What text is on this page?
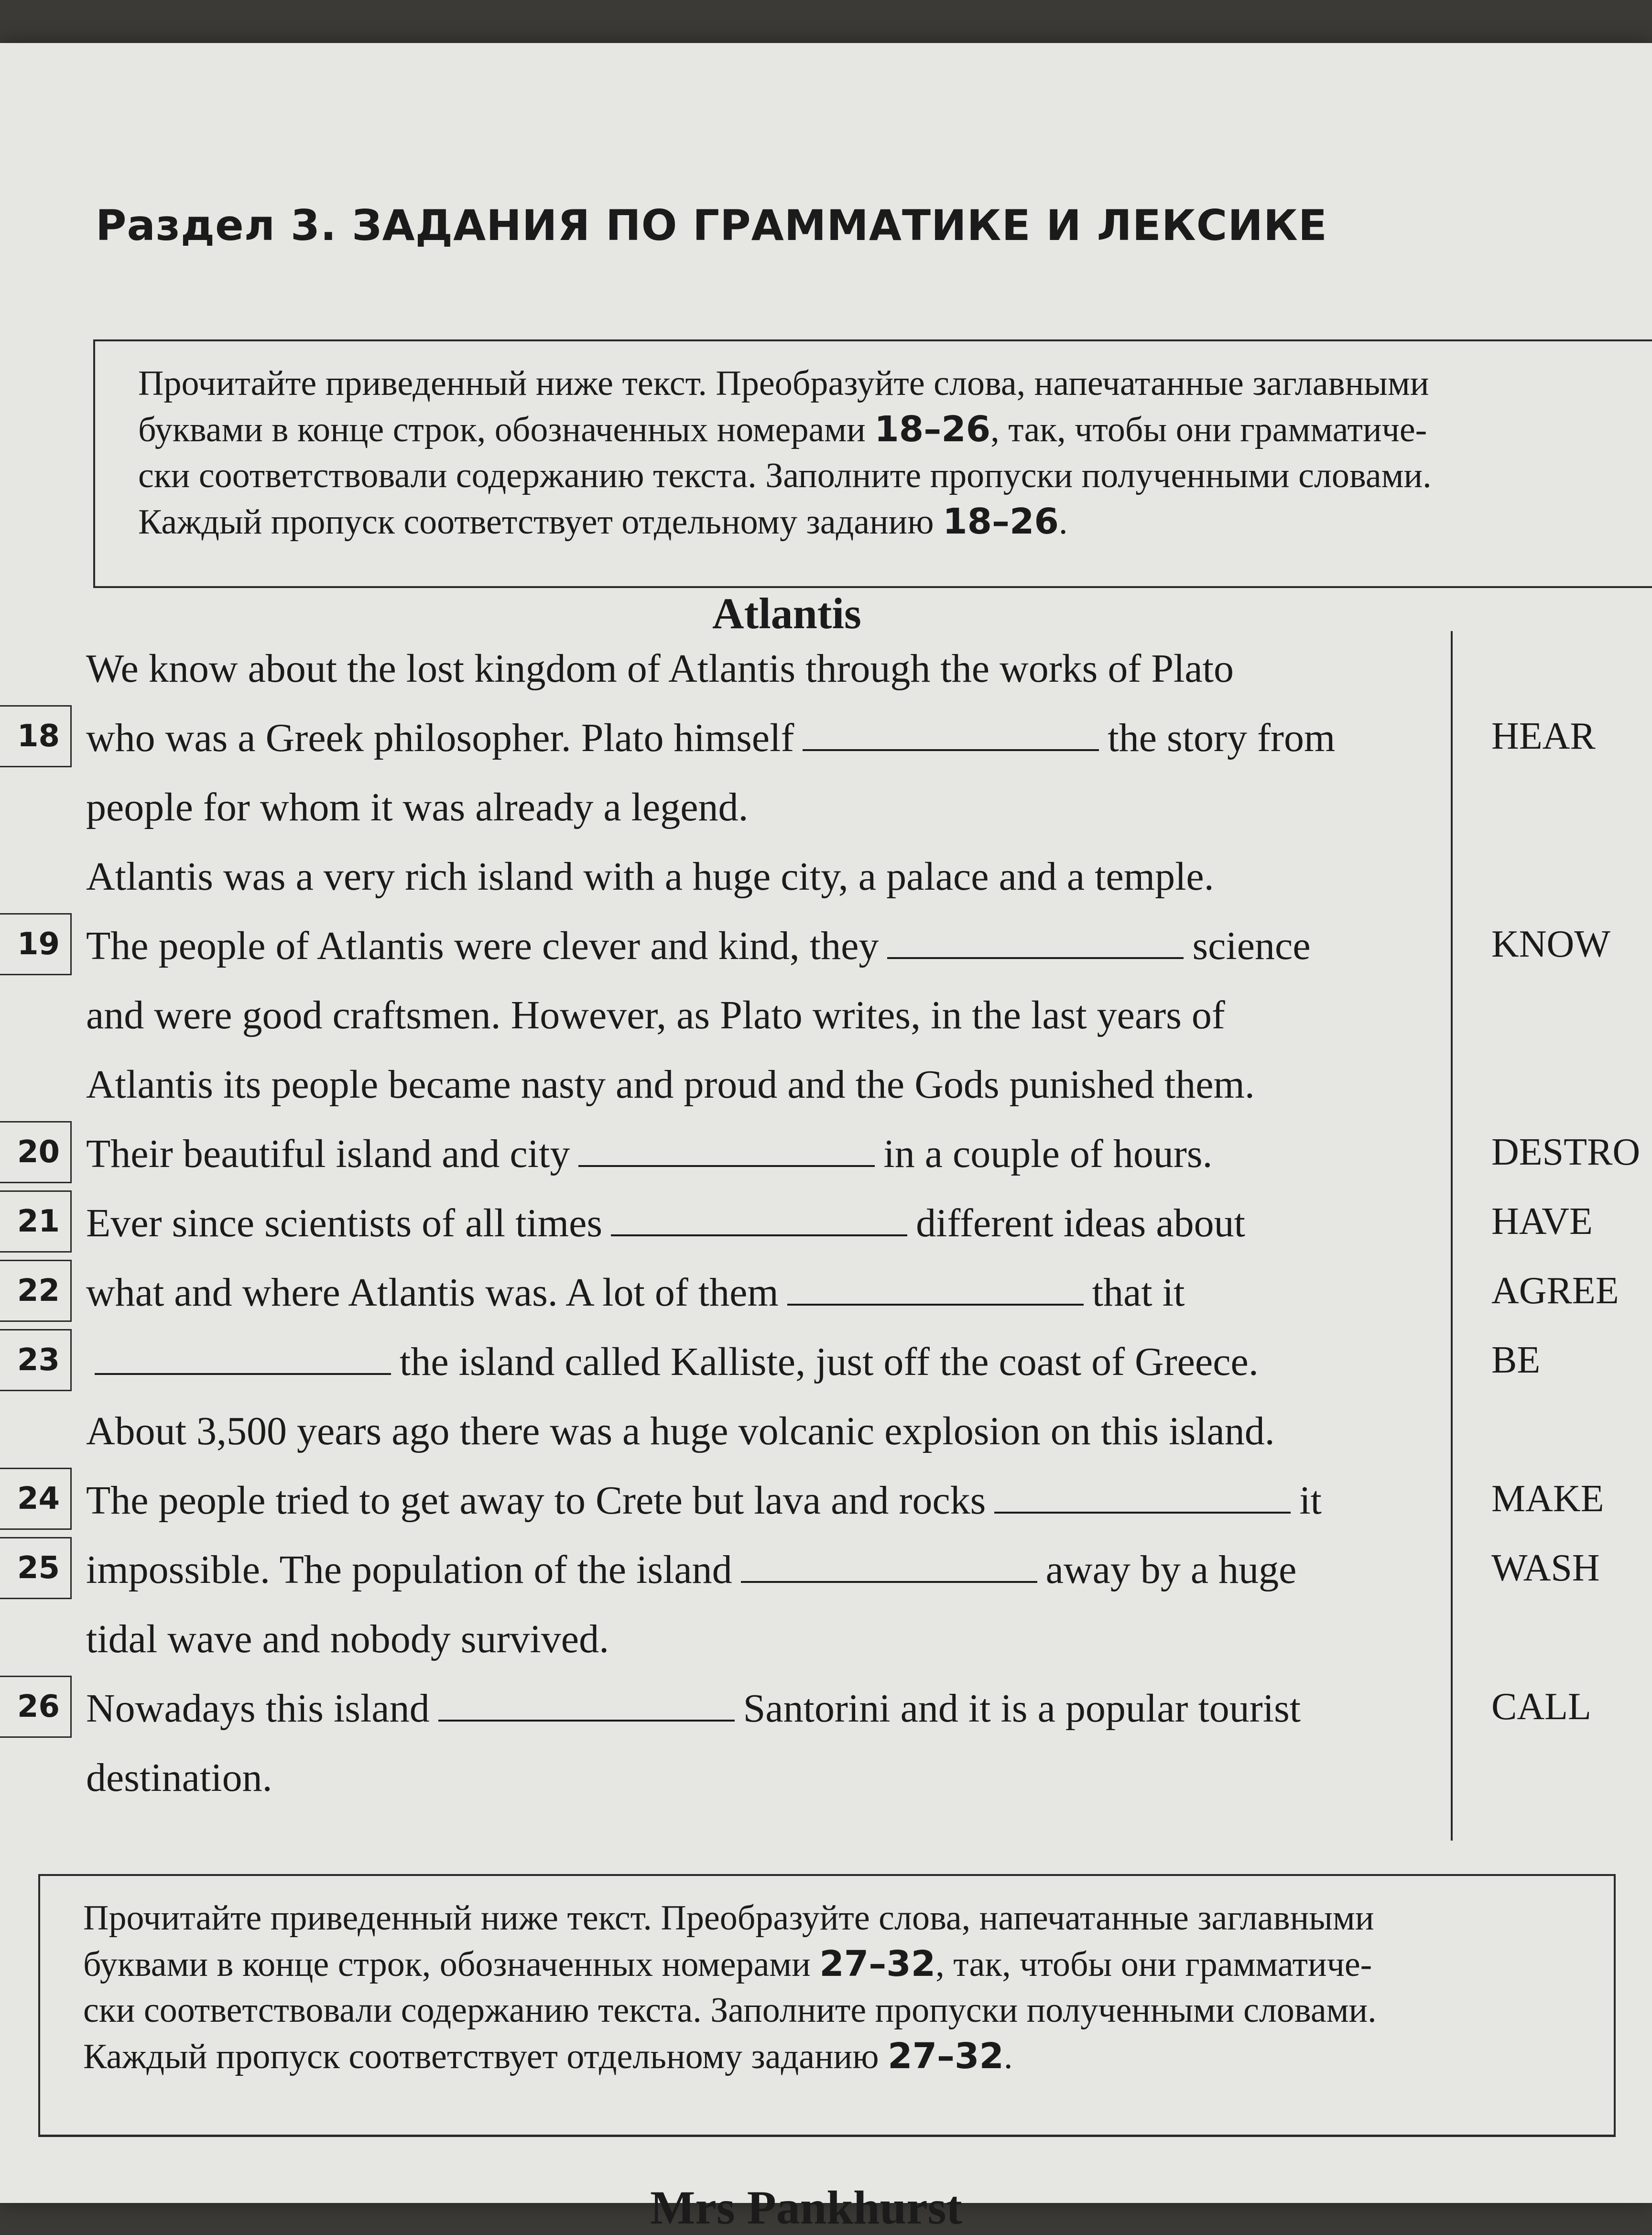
Раздел 3. ЗАДАНИЯ ПО ГРАММАТИКЕ И ЛЕКСИКЕ

Прочитайте приведенный ниже текст. Преобразуйте слова, напечатанные заглавными

буквами в конце строк, обозначенных номерами 18–26, так, чтобы они грамматиче-

ски соответствовали содержанию текста. Заполните пропуски полученными словами.

Каждый пропуск соответствует отдельному заданию 18–26.

Atlantis
We know about the lost kingdom of Atlantis through the works of Plato
18 who was a Greek philosopher. Plato himself	the story from	HEAR
people for whom it was already a legend.
Atlantis was a very rich island with a huge city, a palace and a temple.
19 The people of Atlantis were clever and kind, they	science	KNOW
and were good craftsmen. However, as Plato writes, in the last years of
Atlantis its people became nasty and proud and the Gods punished them.
20 Their beautiful island and city	in a couple of hours.	DESTRO
21 Ever since scientists of all times	different ideas about	HAVE
22 what and where Atlantis was. A lot of them	that it	AGREE
23	the island called Kalliste, just off the coast of Greece.	BE
About 3,500 years ago there was a huge volcanic explosion on this island.
24 The people tried to get away to Crete but lava and rocks	it	MAKE
25 impossible. The population of the island	away by a huge	WASH
tidal wave and nobody survived.
26 Nowadays this island	Santorini and it is a popular tourist	CALL
destination.

Прочитайте приведенный ниже текст. Преобразуйте слова, напечатанные заглавными

буквами в конце строк, обозначенных номерами 27–32, так, чтобы они грамматиче-

ски соответствовали содержанию текста. Заполните пропуски полученными словами.

Каждый пропуск соответствует отдельному заданию 27–32.

Mrs Pankhurst
